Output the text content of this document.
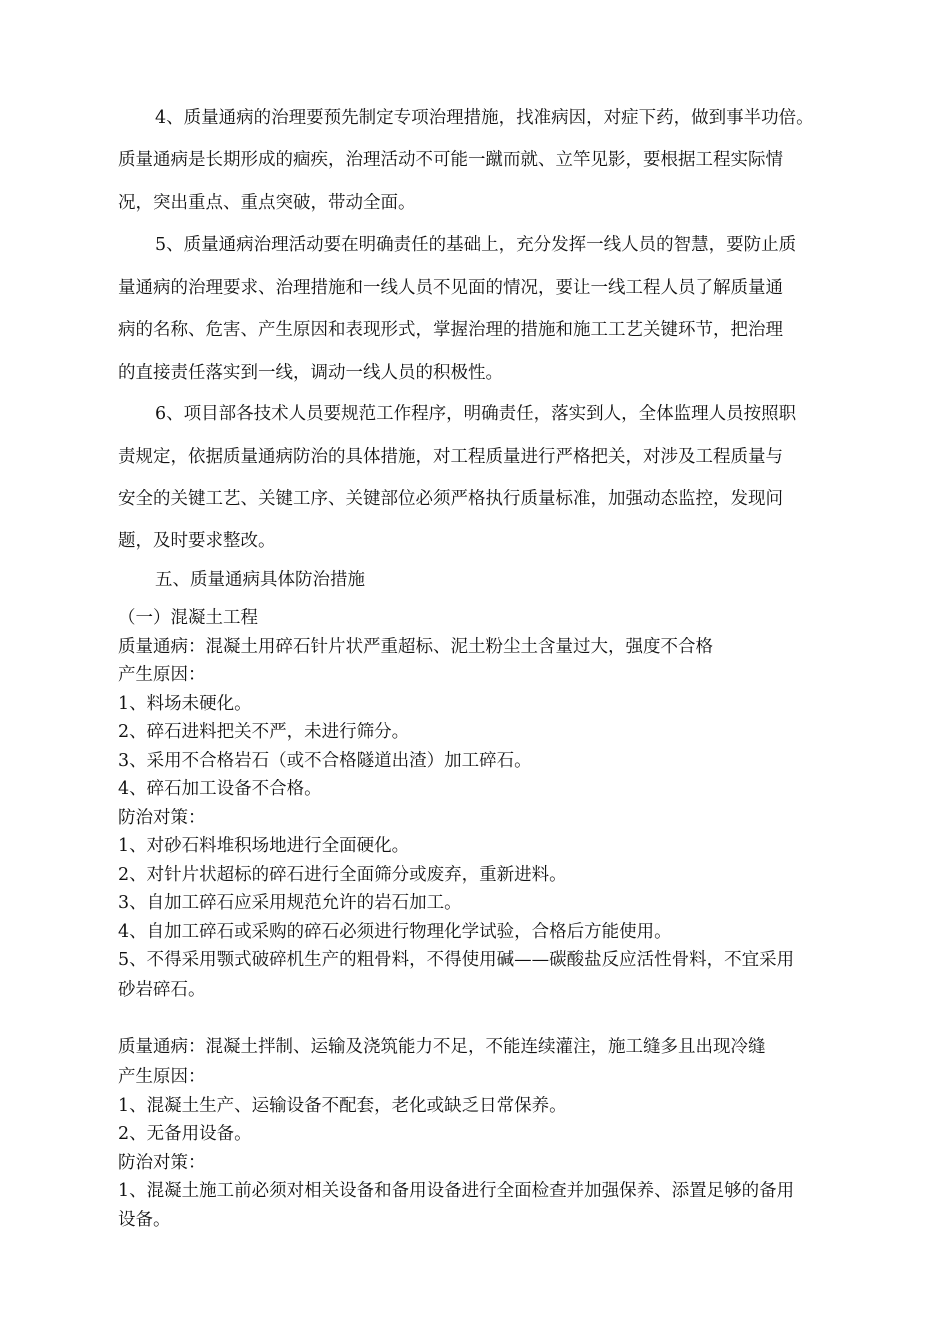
4、质量通病的治理要预先制定专项治理措施，找准病因，对症下药，做到事半功倍。
质量通病是长期形成的痼疾，治理活动不可能一蹴而就、立竿见影，要根据工程实际情
况，突出重点、重点突破，带动全面。
5、质量通病治理活动要在明确责任的基础上，充分发挥一线人员的智慧，要防止质
量通病的治理要求、治理措施和一线人员不见面的情况，要让一线工程人员了解质量通
病的名称、危害、产生原因和表现形式，掌握治理的措施和施工工艺关键环节，把治理
的直接责任落实到一线，调动一线人员的积极性。
6、项目部各技术人员要规范工作程序，明确责任，落实到人，全体监理人员按照职
责规定，依据质量通病防治的具体措施，对工程质量进行严格把关，对涉及工程质量与
安全的关键工艺、关键工序、关键部位必须严格执行质量标准，加强动态监控，发现问
题，及时要求整改。
五、质量通病具体防治措施
（一）混凝土工程
质量通病：混凝土用碎石针片状严重超标、泥土粉尘土含量过大，强度不合格
产生原因：
1、料场未硬化。
2、碎石进料把关不严，未进行筛分。
3、采用不合格岩石（或不合格隧道出渣）加工碎石。
4、碎石加工设备不合格。
防治对策：
1、对砂石料堆积场地进行全面硬化。
2、对针片状超标的碎石进行全面筛分或废弃，重新进料。
3、自加工碎石应采用规范允许的岩石加工。
4、自加工碎石或采购的碎石必须进行物理化学试验，合格后方能使用。
5、不得采用颚式破碎机生产的粗骨料，不得使用碱——碳酸盐反应活性骨料，不宜采用
砂岩碎石。
质量通病：混凝土拌制、运输及浇筑能力不足，不能连续灌注，施工缝多且出现冷缝
产生原因：
1、混凝土生产、运输设备不配套，老化或缺乏日常保养。
2、无备用设备。
防治对策：
1、混凝土施工前必须对相关设备和备用设备进行全面检查并加强保养、添置足够的备用
设备。
